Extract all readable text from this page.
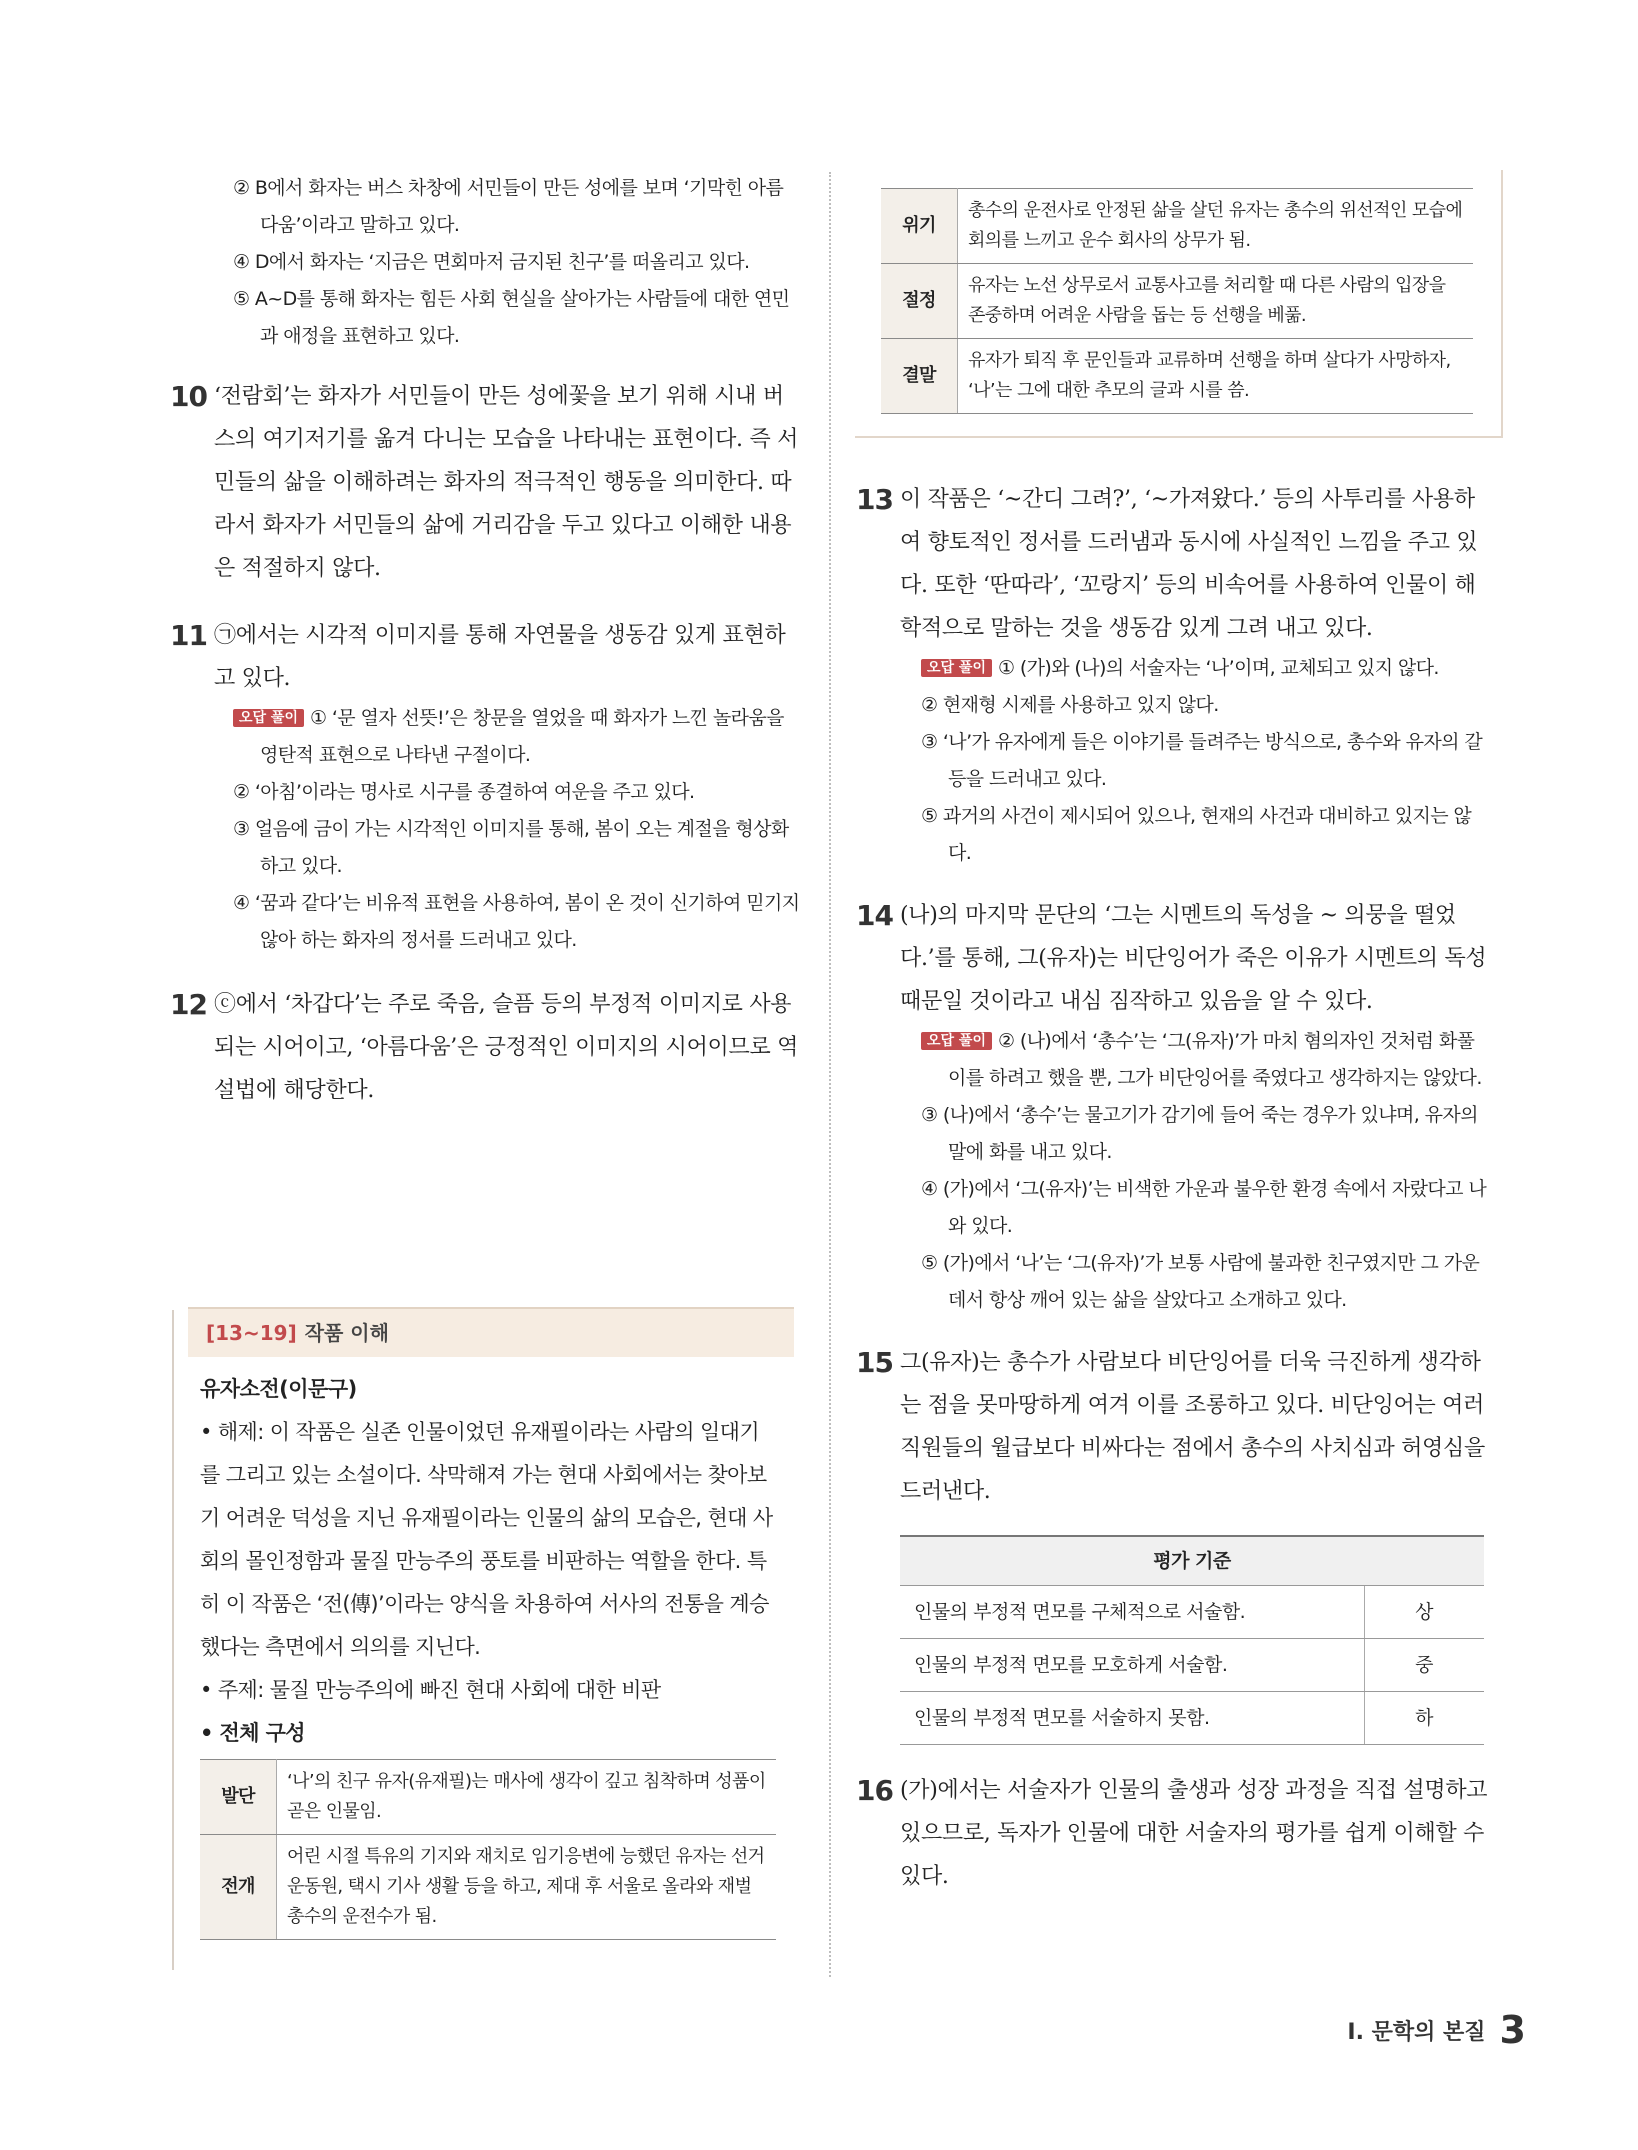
② B에서 화자는 버스 차창에 서민들이 만든 성에를 보며 ‘기막힌 아름다움’이라고 말하고 있다.
④ D에서 화자는 ‘지금은 면회마저 금지된 친구’를 떠올리고 있다.
⑤ A~D를 통해 화자는 힘든 사회 현실을 살아가는 사람들에 대한 연민과 애정을 표현하고 있다.
10 ‘전람회’는 화자가 서민들이 만든 성에꽃을 보기 위해 시내 버스의 여기저기를 옮겨 다니는 모습을 나타내는 표현이다. 즉 서민들의 삶을 이해하려는 화자의 적극적인 행동을 의미한다. 따라서 화자가 서민들의 삶에 거리감을 두고 있다고 이해한 내용은 적절하지 않다.
11 ㉠에서는 시각적 이미지를 통해 자연물을 생동감 있게 표현하고 있다.
오답 풀이 ① ‘문 열자 선뜻!’은 창문을 열었을 때 화자가 느낀 놀라움을 영탄적 표현으로 나타낸 구절이다.
② ‘아침’이라는 명사로 시구를 종결하여 여운을 주고 있다.
③ 얼음에 금이 가는 시각적인 이미지를 통해, 봄이 오는 계절을 형상화하고 있다.
④ ‘꿈과 같다’는 비유적 표현을 사용하여, 봄이 온 것이 신기하여 믿기지 않아 하는 화자의 정서를 드러내고 있다.
12 ⓒ에서 ‘차갑다’는 주로 죽음, 슬픔 등의 부정적 이미지로 사용되는 시어이고, ‘아름다움’은 긍정적인 이미지의 시어이므로 역설법에 해당한다.
[13~19] 작품 이해
유자소전(이문구)
• 해제: 이 작품은 실존 인물이었던 유재필이라는 사람의 일대기를 그리고 있는 소설이다. 삭막해져 가는 현대 사회에서는 찾아보기 어려운 덕성을 지닌 유재필이라는 인물의 삶의 모습은, 현대 사회의 몰인정함과 물질 만능주의 풍토를 비판하는 역할을 한다. 특히 이 작품은 ‘전(傳)’이라는 양식을 차용하여 서사의 전통을 계승했다는 측면에서 의의를 지닌다.
• 주제: 물질 만능주의에 빠진 현대 사회에 대한 비판
• 전체 구성
발단	‘나’의 친구 유자(유재필)는 매사에 생각이 깊고 침착하며 성품이 곧은 인물임.
전개	어린 시절 특유의 기지와 재치로 임기응변에 능했던 유자는 선거 운동원, 택시 기사 생활 등을 하고, 제대 후 서울로 올라와 재벌 총수의 운전수가 됨.
위기	총수의 운전사로 안정된 삶을 살던 유자는 총수의 위선적인 모습에 회의를 느끼고 운수 회사의 상무가 됨.
절정	유자는 노선 상무로서 교통사고를 처리할 때 다른 사람의 입장을 존중하며 어려운 사람을 돕는 등 선행을 베풂.
결말	유자가 퇴직 후 문인들과 교류하며 선행을 하며 살다가 사망하자, ‘나’는 그에 대한 추모의 글과 시를 씀.
13 이 작품은 ‘~간디 그려?’, ‘~가져왔다.’ 등의 사투리를 사용하여 향토적인 정서를 드러냄과 동시에 사실적인 느낌을 주고 있다. 또한 ‘딴따라’, ‘꼬랑지’ 등의 비속어를 사용하여 인물이 해학적으로 말하는 것을 생동감 있게 그려 내고 있다.
오답 풀이 ① (가)와 (나)의 서술자는 ‘나’이며, 교체되고 있지 않다.
② 현재형 시제를 사용하고 있지 않다.
③ ‘나’가 유자에게 들은 이야기를 들려주는 방식으로, 총수와 유자의 갈등을 드러내고 있다.
⑤ 과거의 사건이 제시되어 있으나, 현재의 사건과 대비하고 있지는 않다.
14 (나)의 마지막 문단의 ‘그는 시멘트의 독성을 ~ 의뭉을 떨었다.’를 통해, 그(유자)는 비단잉어가 죽은 이유가 시멘트의 독성 때문일 것이라고 내심 짐작하고 있음을 알 수 있다.
오답 풀이 ② (나)에서 ‘총수’는 ‘그(유자)’가 마치 혐의자인 것처럼 화풀이를 하려고 했을 뿐, 그가 비단잉어를 죽였다고 생각하지는 않았다.
③ (나)에서 ‘총수’는 물고기가 감기에 들어 죽는 경우가 있냐며, 유자의 말에 화를 내고 있다.
④ (가)에서 ‘그(유자)’는 비색한 가운과 불우한 환경 속에서 자랐다고 나와 있다.
⑤ (가)에서 ‘나’는 ‘그(유자)’가 보통 사람에 불과한 친구였지만 그 가운데서 항상 깨어 있는 삶을 살았다고 소개하고 있다.
15 그(유자)는 총수가 사람보다 비단잉어를 더욱 극진하게 생각하는 점을 못마땅하게 여겨 이를 조롱하고 있다. 비단잉어는 여러 직원들의 월급보다 비싸다는 점에서 총수의 사치심과 허영심을 드러낸다.
평가 기준	
인물의 부정적 면모를 구체적으로 서술함.	상
인물의 부정적 면모를 모호하게 서술함.	중
인물의 부정적 면모를 서술하지 못함.	하
16 (가)에서는 서술자가 인물의 출생과 성장 과정을 직접 설명하고 있으므로, 독자가 인물에 대한 서술자의 평가를 쉽게 이해할 수 있다.
Ⅰ. 문학의 본질 3
